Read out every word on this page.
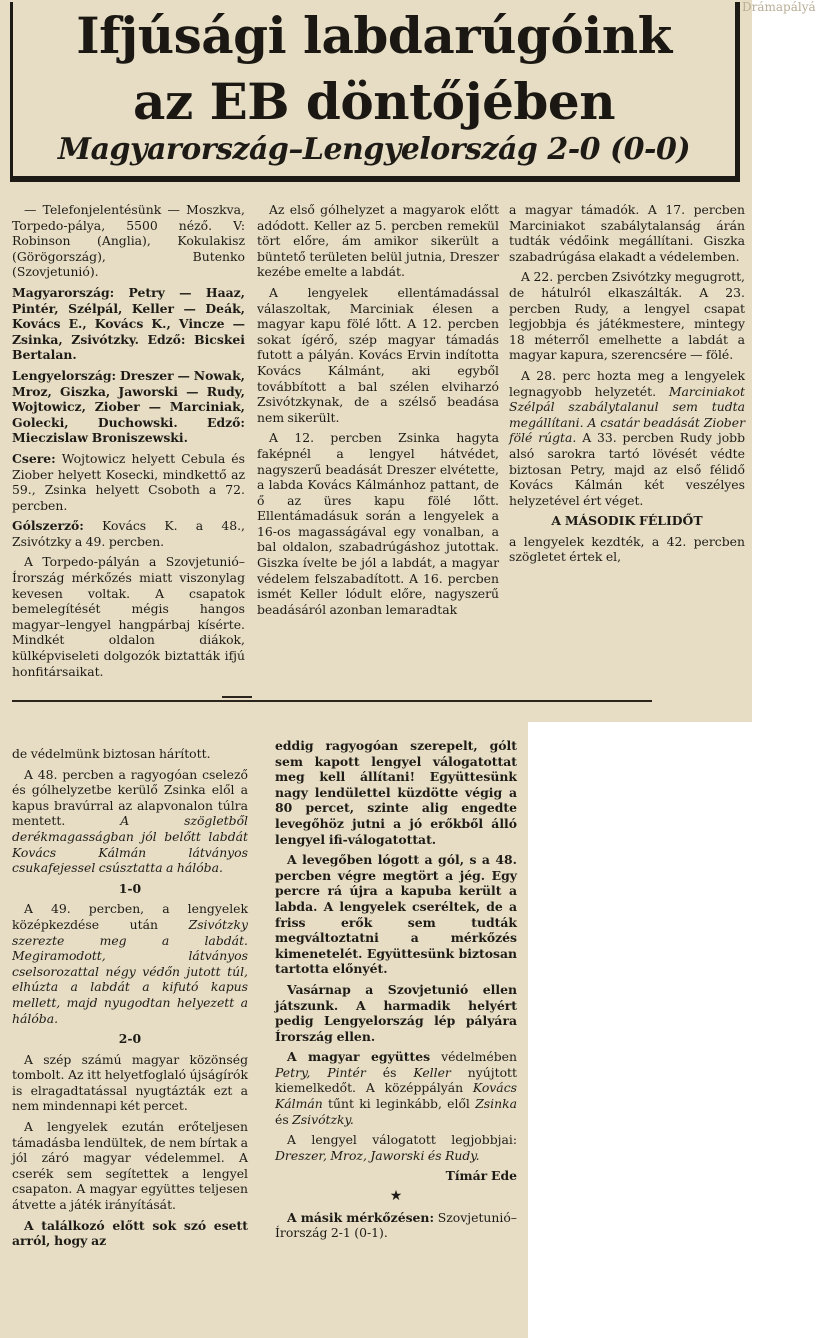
Ifjúsági labdarúgóink
az EB döntőjében
Magyarország–Lengyelország 2-0 (0-0)
Drámapályá

— Telefonjelentésünk — Moszkva, Torpedo-pálya, 5500 néző. V: Robinson (Anglia), Kokulakisz (Görögország), Butenko (Szovjetunió).

Magyarország: Petry — Haaz, Pintér, Szélpál, Keller — Deák, Kovács E., Kovács K., Vincze — Zsinka, Zsivótzky. Edző: Bicskei Bertalan.

Lengyelország: Dreszer — Nowak, Mroz, Giszka, Jaworski — Rudy, Wojtowicz, Ziober — Marciniak, Golecki, Duchowski. Edző: Mieczislaw Broniszewski.

Csere: Wojtowicz helyett Cebula és Ziober helyett Kosecki, mindkettő az 59., Zsinka helyett Csoboth a 72. percben.

Gólszerző: Kovács K. a 48., Zsivótzky a 49. percben.

A Torpedo-pályán a Szovjetunió–Írország mérkőzés miatt viszonylag kevesen voltak. A csapatok bemelegítését mégis hangos magyar–lengyel hangpárbaj kísérte. Mindkét oldalon diákok, külképviseleti dolgozók biztatták ifjú honfitársaikat.

Az első gólhelyzet a magyarok előtt adódott. Keller az 5. percben remekül tört előre, ám amikor sikerült a büntető területen belül jutnia, Dreszer kezébe emelte a labdát.

A lengyelek ellentámadással válaszoltak, Marciniak élesen a magyar kapu fölé lőtt. A 12. percben sokat ígérő, szép magyar támadás futott a pályán. Kovács Ervin indította Kovács Kálmánt, aki egyből továbbított a bal szélen elviharzó Zsivótzkynak, de a szélső beadása nem sikerült.

A 12. percben Zsinka hagyta faképnél a lengyel hátvédet, nagyszerű beadását Dreszer elvétette, a labda Kovács Kálmánhoz pattant, de ő az üres kapu fölé lőtt. Ellentámadásuk során a lengyelek a 16-os magasságával egy vonalban, a bal oldalon, szabadrúgáshoz jutottak. Giszka ívelte be jól a labdát, a magyar védelem felszabadított. A 16. percben ismét Keller lódult előre, nagyszerű beadásáról azonban lemaradtak

a magyar támadók. A 17. percben Marciniakot szabálytalanság árán tudták védőink megállítani. Giszka szabadrúgása elakadt a védelemben.

A 22. percben Zsivótzky megugrott, de hátulról elkaszálták. A 23. percben Rudy, a lengyel csapat legjobbja és játékmestere, mintegy 18 méterről emelhette a labdát a magyar kapura, szerencsére — fölé.

A 28. perc hozta meg a lengyelek legnagyobb helyzetét. Marciniakot Szélpál szabálytalanul sem tudta megállítani. A csatár beadását Ziober fölé rúgta. A 33. percben Rudy jobb alsó sarokra tartó lövését védte biztosan Petry, majd az első félidő Kovács Kálmán két veszélyes helyzetével ért véget.

A MÁSODIK FÉLIDŐT

a lengyelek kezdték, a 42. percben szögletet értek el,

de védelmünk biztosan hárított.

A 48. percben a ragyogóan cselező és gólhelyzetbe kerülő Zsinka elől a kapus bravúrral az alapvonalon túlra mentett. A szögletből derékmagasságban jól belőtt labdát Kovács Kálmán látványos csukafejessel csúsztatta a hálóba.

1-0

A 49. percben, a lengyelek középkezdése után Zsivótzky szerezte meg a labdát. Megiramodott, látványos cselsorozattal négy védőn jutott túl, elhúzta a labdát a kifutó kapus mellett, majd nyugodtan helyezett a hálóba.

2-0

A szép számú magyar közönség tombolt. Az itt helyetfoglaló újságírók is elragadtatással nyugtázták ezt a nem mindennapi két percet.

A lengyelek ezután erőteljesen támadásba lendültek, de nem bírtak a jól záró magyar védelemmel. A cserék sem segítettek a lengyel csapaton. A magyar együttes teljesen átvette a játék irányítását.

A találkozó előtt sok szó esett arról, hogy az

eddig ragyogóan szerepelt, gólt sem kapott lengyel válogatottat meg kell állítani! Együttesünk nagy lendülettel küzdötte végig a 80 percet, szinte alig engedte levegőhöz jutni a jó erőkből álló lengyel ifi-válogatottat.

A levegőben lógott a gól, s a 48. percben végre megtört a jég. Egy percre rá újra a kapuba került a labda. A lengyelek cseréltek, de a friss erők sem tudták megváltoztatni a mérkőzés kimenetelét. Együttesünk biztosan tartotta előnyét.

Vasárnap a Szovjetunió ellen játszunk. A harmadik helyért pedig Lengyelország lép pályára Írország ellen.

A magyar együttes védelmében Petry, Pintér és Keller nyújtott kiemelkedőt. A középpályán Kovács Kálmán tűnt ki leginkább, elől Zsinka és Zsivótzky.

A lengyel válogatott legjobbjai: Dreszer, Mroz, Jaworski és Rudy.

Tímár Ede

★

A másik mérkőzésen: Szovjetunió–Írország 2-1 (0-1).
